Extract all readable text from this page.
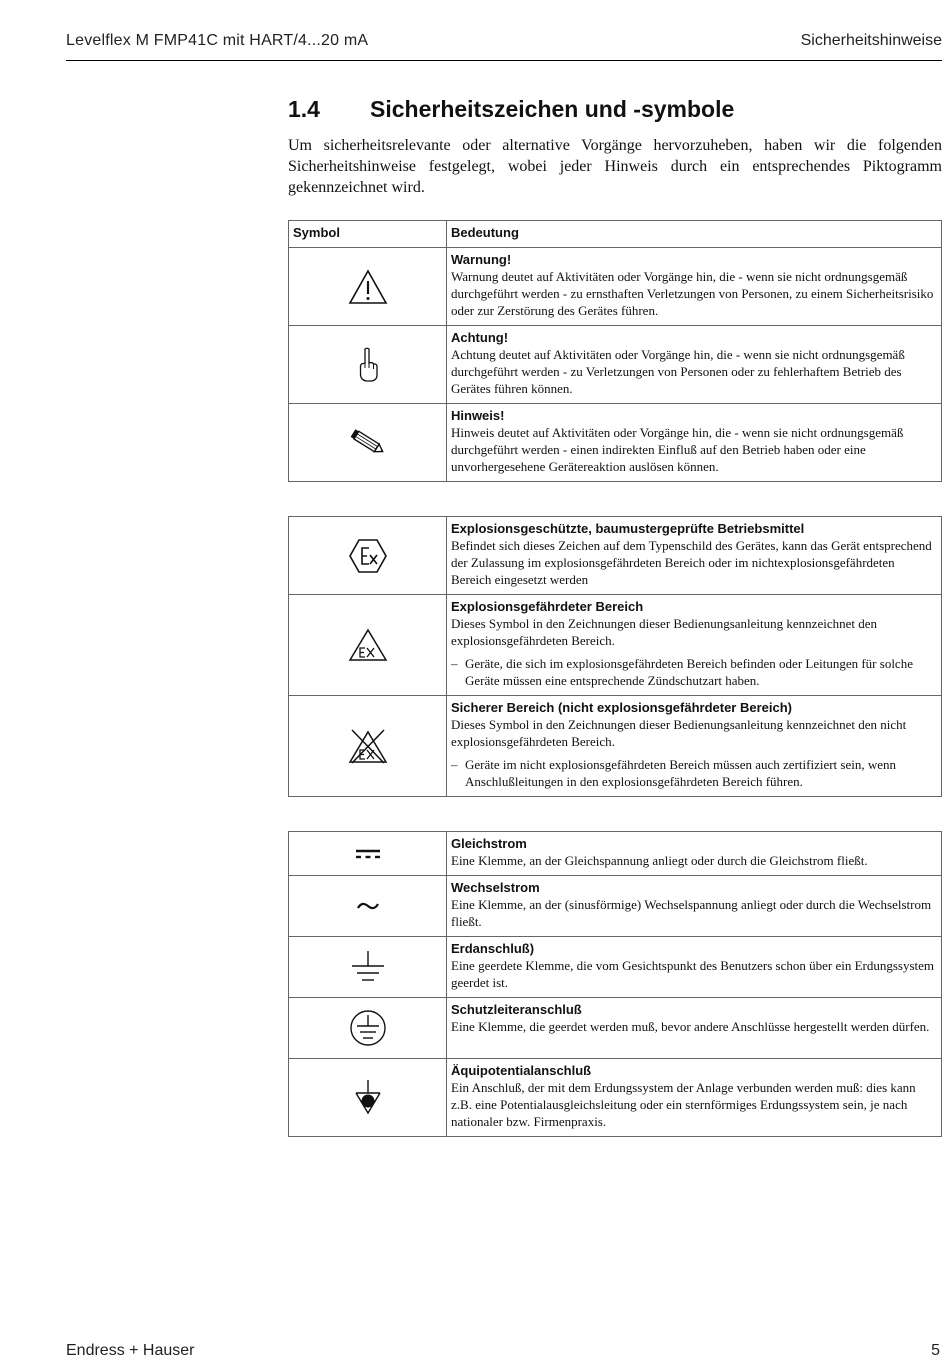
Levelflex M FMP41C mit HART/4...20 mA	Sicherheitshinweise
1.4	Sicherheitszeichen und -symbole

Um sicherheitsrelevante oder alternative Vorgänge hervorzuheben, haben wir die folgenden Sicherheitshinweise festgelegt, wobei jeder Hinweis durch ein entsprechendes Piktogramm gekennzeichnet wird.

Symbol	Bedeutung

Warnung!
Warnung deutet auf Aktivitäten oder Vorgänge hin, die - wenn sie nicht ordnungsgemäß durchgeführt werden - zu ernsthaften Verletzungen von Personen, zu einem Sicherheitsrisiko oder zur Zerstörung des Gerätes führen.

Achtung!
Achtung deutet auf Aktivitäten oder Vorgänge hin, die - wenn sie nicht ordnungsgemäß durchgeführt werden - zu Verletzungen von Personen oder zu fehlerhaftem Betrieb des Gerätes führen können.

Hinweis!
Hinweis deutet auf Aktivitäten oder Vorgänge hin, die - wenn sie nicht ordnungsgemäß durchgeführt werden - einen indirekten Einfluß auf den Betrieb haben oder eine unvorhergesehene Gerätereaktion auslösen können.

Explosionsgeschützte, baumustergeprüfte Betriebsmittel
Befindet sich dieses Zeichen auf dem Typenschild des Gerätes, kann das Gerät entsprechend der Zulassung im explosionsgefährdeten Bereich oder im nichtexplosionsgefährdeten Bereich eingesetzt werden

Explosionsgefährdeter Bereich
Dieses Symbol in den Zeichnungen dieser Bedienungsanleitung kennzeichnet den explosionsgefährdeten Bereich.
– Geräte, die sich im explosionsgefährdeten Bereich befinden oder Leitungen für solche Geräte müssen eine entsprechende Zündschutzart haben.

Sicherer Bereich (nicht explosionsgefährdeter Bereich)
Dieses Symbol in den Zeichnungen dieser Bedienungsanleitung kennzeichnet den nicht explosionsgefährdeten Bereich.
– Geräte im nicht explosionsgefährdeten Bereich müssen auch zertifiziert sein, wenn Anschlußleitungen in den explosionsgefährdeten Bereich führen.

Gleichstrom
Eine Klemme, an der Gleichspannung anliegt oder durch die Gleichstrom fließt.

Wechselstrom
Eine Klemme, an der (sinusförmige) Wechselspannung anliegt oder durch die Wechselstrom fließt.

Erdanschluß)
Eine geerdete Klemme, die vom Gesichtspunkt des Benutzers schon über ein Erdungssystem geerdet ist.

Schutzleiteranschluß
Eine Klemme, die geerdet werden muß, bevor andere Anschlüsse hergestellt werden dürfen.

Äquipotentialanschluß
Ein Anschluß, der mit dem Erdungssystem der Anlage verbunden werden muß: dies kann z.B. eine Potentialausgleichsleitung oder ein sternförmiges Erdungssystem sein, je nach nationaler bzw. Firmenpraxis.
Endress + Hauser	5
